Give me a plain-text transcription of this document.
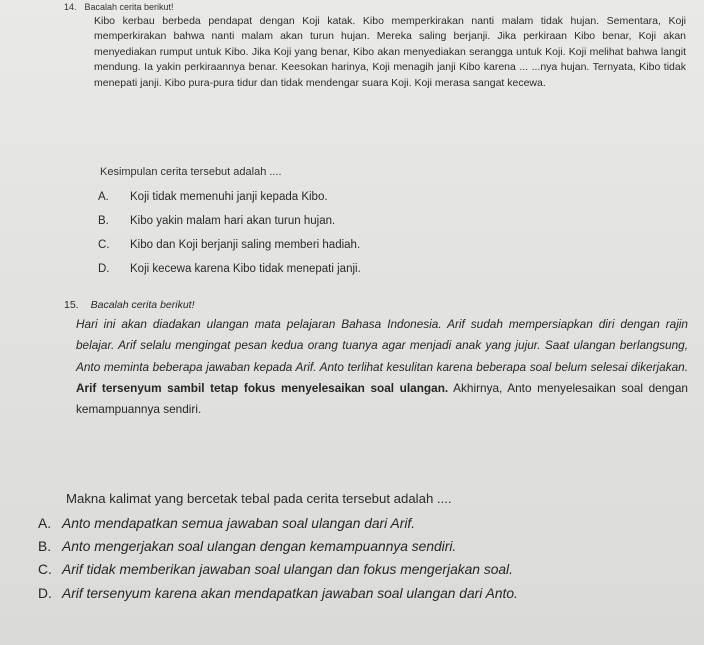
14. Bacalah cerita berikut!
Kibo kerbau berbeda pendapat dengan Koji katak. Kibo memperkirakan nanti malam tidak hujan. Sementara, Koji memperkirakan bahwa nanti malam akan turun hujan. Mereka saling berjanji. Jika perkiraan Kibo benar, Koji akan menyediakan rumput untuk Kibo. Jika Koji yang benar, Kibo akan menyediakan serangga untuk Koji. Koji melihat bahwa langit mendung. Ia yakin perkiraannya benar. Keesokan harinya, Koji menagih janji Kibo karena ... ...nya hujan. Ternyata, Kibo tidak menepati janji. Kibo pura-pura tidur dan tidak mendengar suara Koji. Koji merasa sangat kecewa.
Kesimpulan cerita tersebut adalah ....
A.	Koji tidak memenuhi janji kepada Kibo.
B.	Kibo yakin malam hari akan turun hujan.
C.	Kibo dan Koji berjanji saling memberi hadiah.
D.	Koji kecewa karena Kibo tidak menepati janji.
15. Bacalah cerita berikut!
Hari ini akan diadakan ulangan mata pelajaran Bahasa Indonesia. Arif sudah mempersiapkan diri dengan rajin belajar. Arif selalu mengingat pesan kedua orang tuanya agar menjadi anak yang jujur. Saat ulangan berlangsung, Anto meminta beberapa jawaban kepada Arif. Anto terlihat kesulitan karena beberapa soal belum selesai dikerjakan. Arif tersenyum sambil tetap fokus menyelesaikan soal ulangan. Akhirnya, Anto menyelesaikan soal dengan kemampuannya sendiri.
Makna kalimat yang bercetak tebal pada cerita tersebut adalah ....
A. Anto mendapatkan semua jawaban soal ulangan dari Arif.
B. Anto mengerjakan soal ulangan dengan kemampuannya sendiri.
C. Arif tidak memberikan jawaban soal ulangan dan fokus mengerjakan soal.
D. Arif tersenyum karena akan mendapatkan jawaban soal ulangan dari Anto.
